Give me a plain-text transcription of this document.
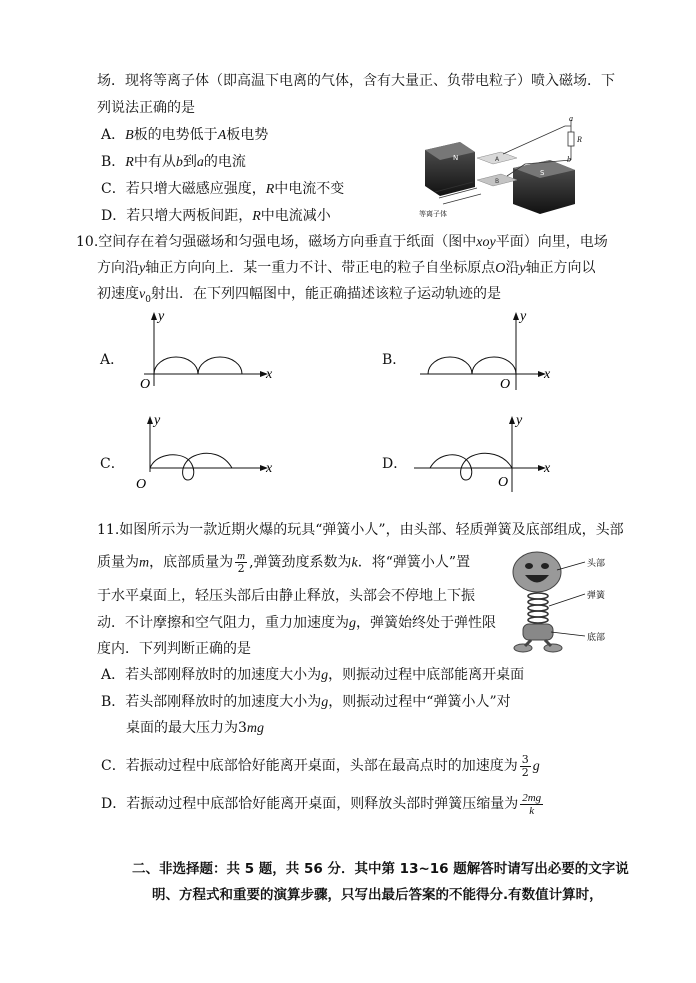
场．现将等离子体（即高温下电离的气体，含有大量正、负带电粒子）喷入磁场．下
列说法正确的是
A．B板的电势低于A板电势
B．R中有从b到a的电流
C．若只增大磁感应强度，R中电流不变
D．若只增大两板间距，R中电流减小
N
S
A
B
a
R
b
等离子体
10.空间存在着匀强磁场和匀强电场，磁场方向垂直于纸面（图中xoy平面）向里，电场
方向沿y轴正方向向上．某一重力不计、带正电的粒子自坐标原点O沿y轴正方向以
初速度$v_0$射出．在下列四幅图中，能正确描述该粒子运动轨迹的是
A．	B．
C．	D．
y
x
O
y
x
O
y
x
O
y
x
O
11.如图所示为一款近期火爆的玩具“弹簧小人”，由头部、轻质弹簧及底部组成，头部
质量为m，底部质量为 $\frac{m}{2}$ ,弹簧劲度系数为k．将“弹簧小人”置
于水平桌面上，轻压头部后由静止释放，头部会不停地上下振
动．不计摩擦和空气阻力，重力加速度为g，弹簧始终处于弹性限
度内．下列判断正确的是
头部
弹簧
底部
A．若头部刚释放时的加速度大小为g，则振动过程中底部能离开桌面
B．若头部刚释放时的加速度大小为g，则振动过程中“弹簧小人”对
桌面的最大压力为3mg
C．若振动过程中底部恰好能离开桌面，头部在最高点时的加速度为 $\frac{3}{2}$ g
D．若振动过程中底部恰好能离开桌面，则释放头部时弹簧压缩量为 $\frac{2mg}{k}$
二、非选择题：共 5 题，共 56 分．其中第 13~16 题解答时请写出必要的文字说
明、方程式和重要的演算步骤，只写出最后答案的不能得分.有数值计算时，
